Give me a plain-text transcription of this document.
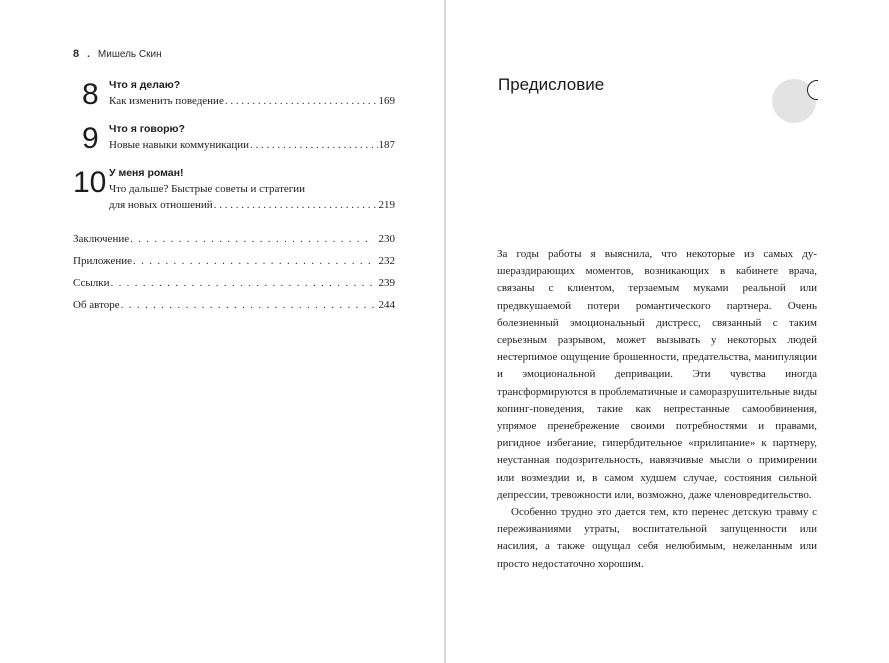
8 . Мишель Скин
8 Что я делаю?
Как изменить поведение . . .	169
9 Что я говорю?
Новые навыки коммуникации . . .	187
10 У меня роман!
Что дальше? Быстрые советы и стратегии
для новых отношений . . .	219
Заключение . . .	230
Приложение . . .	232
Ссылки . . .	239
Об авторе . . .	244
Предисловие

За годы работы я выяснила, что некоторые из самых душераздирающих моментов, возникающих в кабинете врача, связаны с клиентом, терзаемым муками реальной или предвкушаемой потери романтического партнера. Очень болезненный эмоциональный дистресс, связанный с таким серьезным разрывом, может вызывать у некоторых людей нестерпимое ощущение брошенности, предательства, манипуляции и эмоциональной депривации. Эти чувства иногда трансформируются в проблематичные и саморазрушительные виды копинг-поведения, такие как непрестанные самообвинения, упрямое пренебрежение своими потребностями и правами, ригидное избегание, гипербдительное «прилипание» к партнеру, неустанная подозрительность, навязчивые мысли о примирении или возмездии и, в самом худшем случае, состояния сильной депрессии, тревожности или, возможно, даже членовредительство.

Особенно трудно это дается тем, кто перенес детскую травму с переживаниями утраты, воспитательной запущенности или насилия, а также ощущал себя нелюбимым, нежеланным или просто недостаточно хорошим.
